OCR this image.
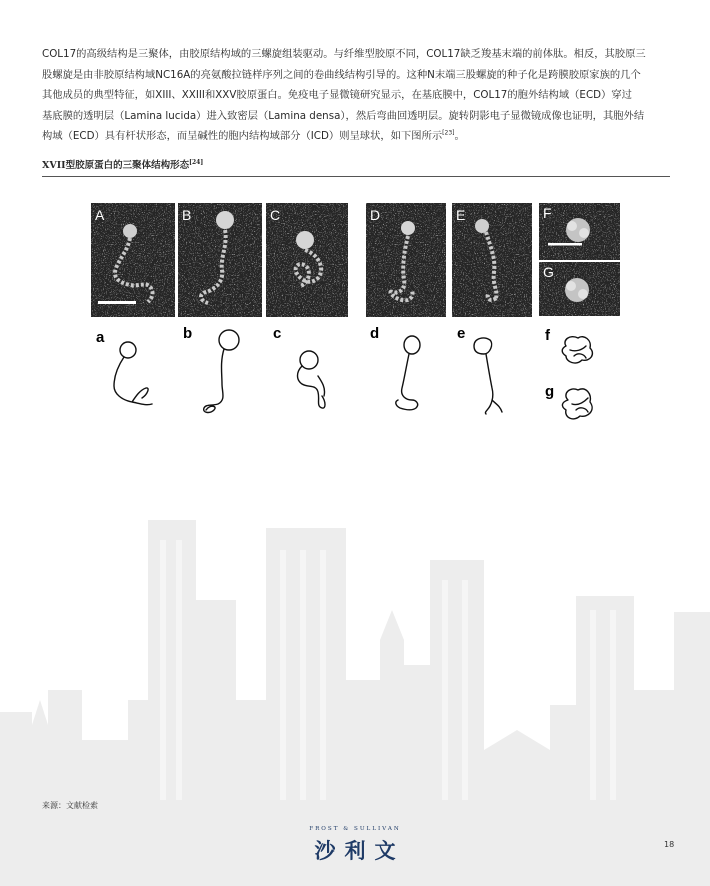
COL17的高级结构是三聚体，由胶原结构域的三螺旋组装驱动。与纤维型胶原不同，COL17缺乏羧基末端的前体肽。相反，其胶原三
股螺旋是由非胶原结构域NC16A的亮氨酸拉链样序列之间的卷曲线结构引导的。这种N末端三股螺旋的种子化是跨膜胶原家族的几个
其他成员的典型特征，如XIII、XXIII和XXV胶原蛋白。免疫电子显微镜研究显示，在基底膜中，COL17的胞外结构域（ECD）穿过
基底膜的透明层（Lamina lucida）进入致密层（Lamina densa），然后弯曲回透明层。旋转阴影电子显微镜成像也证明，其胞外结
构域（ECD）具有杆状形态，而呈碱性的胞内结构域部分（ICD）则呈球状，如下图所示[23]。
XVII型胶原蛋白的三聚体结构形态[24]
A	B	C	D	E	F
G
a	b	c	d	e	f
g
来源：文献检索
FROST & SULLIVAN
沙利文	18
